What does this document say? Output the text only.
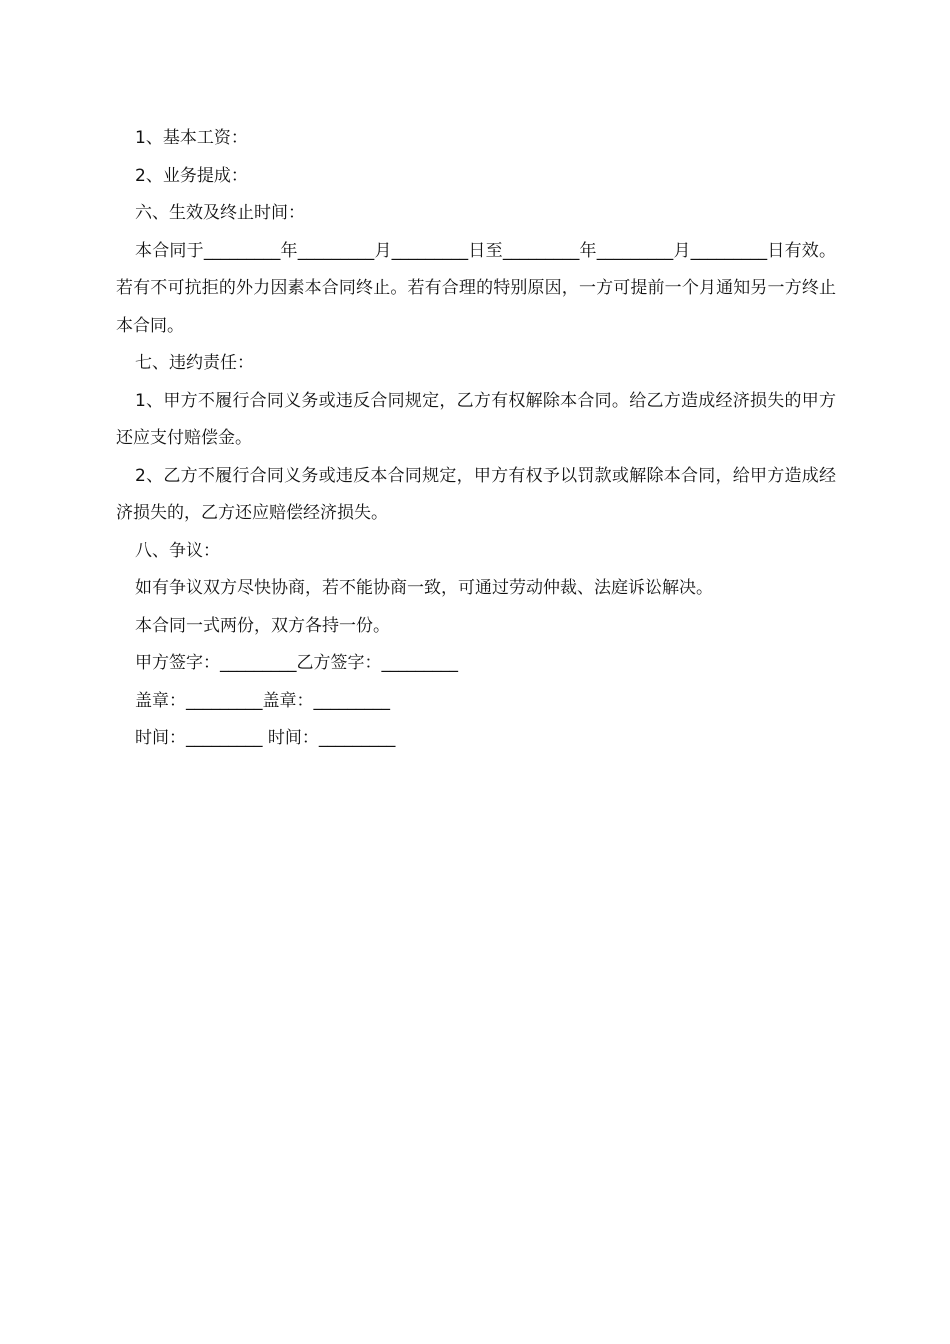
1、基本工资：

2、业务提成：

六、生效及终止时间：

本合同于_________年_________月_________日至_________年_________月_________日有效。若有不可抗拒的外力因素本合同终止。若有合理的特别原因，一方可提前一个月通知另一方终止本合同。

七、违约责任：

1、甲方不履行合同义务或违反合同规定，乙方有权解除本合同。给乙方造成经济损失的甲方还应支付赔偿金。

2、乙方不履行合同义务或违反本合同规定，甲方有权予以罚款或解除本合同，给甲方造成经济损失的，乙方还应赔偿经济损失。

八、争议：

如有争议双方尽快协商，若不能协商一致，可通过劳动仲裁、法庭诉讼解决。

本合同一式两份，双方各持一份。

甲方签字：_________乙方签字：_________

盖章：_________盖章：_________

时间：_________ 时间：_________
